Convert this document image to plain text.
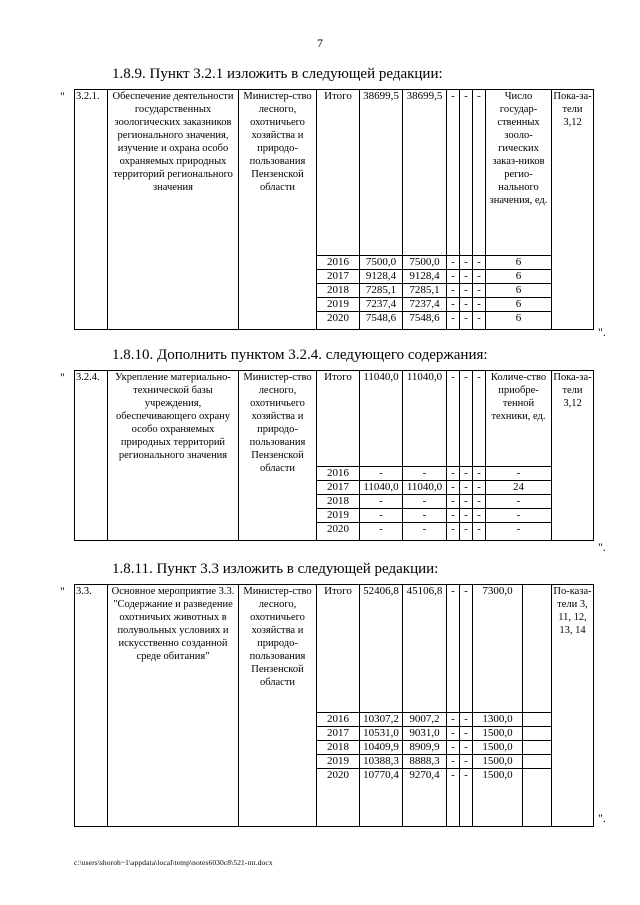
7
1.8.9. Пункт 3.2.1 изложить в следующей редакции:
"
".
3.2.1.	Обеспечение деятельности государственных зоологических заказников регионального значения, изучение и охрана особо охраняемых природных территорий регионального значения	Министер-ство лесного, охотничьего хозяйства и природо-пользования Пензенской области	Итого	38699,5	38699,5	-	-	-	Число государ-ственных зооло-гических заказ-ников регио-нального значения, ед.	Пока-за-тели 3,12
			2016	7500,0	7500,0	-	-	-	6	
			2017	9128,4	9128,4	-	-	-	6	
			2018	7285,1	7285,1	-	-	-	6	
			2019	7237,4	7237,4	-	-	-	6	
			2020	7548,6	7548,6	-	-	-	6	
1.8.10. Дополнить пунктом 3.2.4. следующего содержания:
"
".
3.2.4.	Укрепление материально-технической базы учреждения, обеспечивающего охрану особо охраняемых природных территорий регионального значения	Министер-ство лесного, охотничьего хозяйства и природо-пользования Пензенской области	Итого	11040,0	11040,0	-	-	-	Количе-ство приобре-тенной техники, ед.	Пока-за-тели 3,12
			2016	-	-	-	-	-	-	
			2017	11040,0	11040,0	-	-	-	24	
			2018	-	-	-	-	-	-	
			2019	-	-	-	-	-	-	
			2020	-	-	-	-	-	-	
1.8.11. Пункт 3.3 изложить в следующей редакции:
"
".
3.3.	Основное мероприятие 3.3. "Содержание и разведение охотничьих животных в полувольных условиях и искусственно созданной среде обитания"	Министер-ство лесного, охотничьего хозяйства и природо-пользования Пензенской области	Итого	52406,8	45106,8	-	-	7300,0		По-каза-тели 3, 11, 12, 13, 14
			2016	10307,2	9007,2	-	-	1300,0		
			2017	10531,0	9031,0	-	-	1500,0		
			2018	10409,9	8909,9	-	-	1500,0		
			2019	10388,3	8888,3	-	-	1500,0		
			2020	10770,4	9270,4	-	-	1500,0		
c:\users\shoroh~1\appdata\local\temp\notes6030c8\521-пп.docx
